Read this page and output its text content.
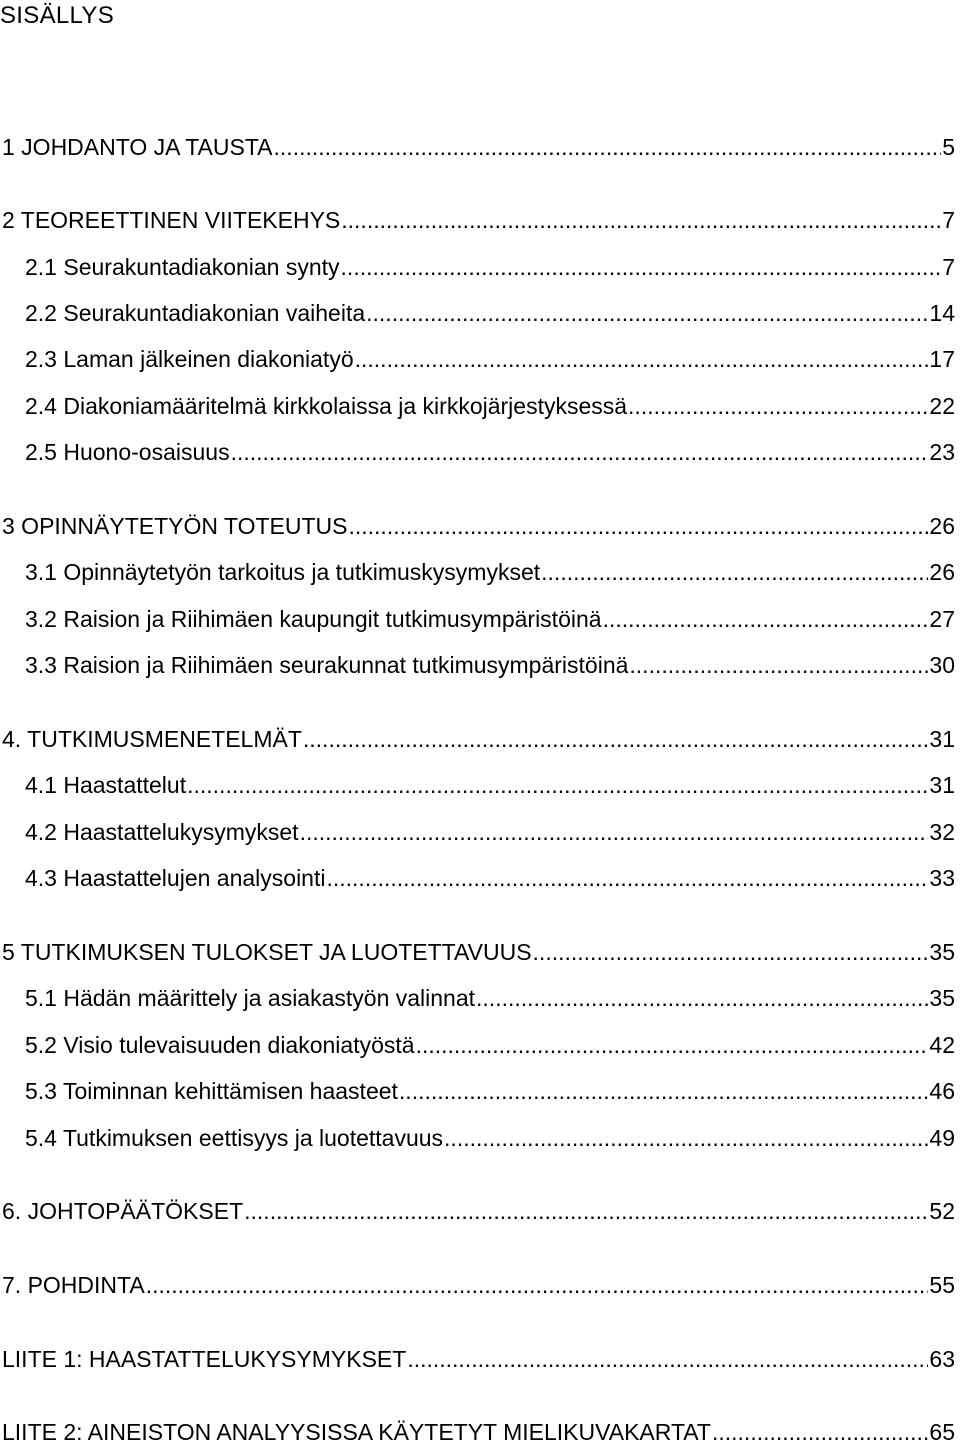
SISÄLLYS
1 JOHDANTO JA TAUSTA .....	5
2 TEOREETTINEN VIITEKEHYS .....	7
2.1 Seurakuntadiakonian synty .....	7
2.2 Seurakuntadiakonian vaiheita .....	14
2.3 Laman jälkeinen diakoniatyö .....	17
2.4 Diakoniamääritelmä kirkkolaissa ja kirkkojärjestyksessä .....	22
2.5 Huono-osaisuus .....	23
3 OPINNÄYTETYÖN TOTEUTUS .....	26
3.1 Opinnäytetyön tarkoitus ja tutkimuskysymykset .....	26
3.2 Raision ja Riihimäen kaupungit tutkimusympäristöinä .....	27
3.3 Raision ja Riihimäen seurakunnat tutkimusympäristöinä .....	30
4. TUTKIMUSMENETELMÄT .....	31
4.1 Haastattelut .....	31
4.2 Haastattelukysymykset .....	32
4.3 Haastattelujen analysointi .....	33
5 TUTKIMUKSEN TULOKSET JA LUOTETTAVUUS .....	35
5.1 Hädän määrittely ja asiakastyön valinnat .....	35
5.2 Visio tulevaisuuden diakoniatyöstä .....	42
5.3 Toiminnan kehittämisen haasteet .....	46
5.4 Tutkimuksen eettisyys ja luotettavuus .....	49
6. JOHTOPÄÄTÖKSET .....	52
7. POHDINTA .....	55
LIITE 1: HAASTATTELUKYSYMYKSET .....	63
LIITE 2: AINEISTON ANALYYSISSA KÄYTETYT MIELIKUVAKARTAT .....	65
